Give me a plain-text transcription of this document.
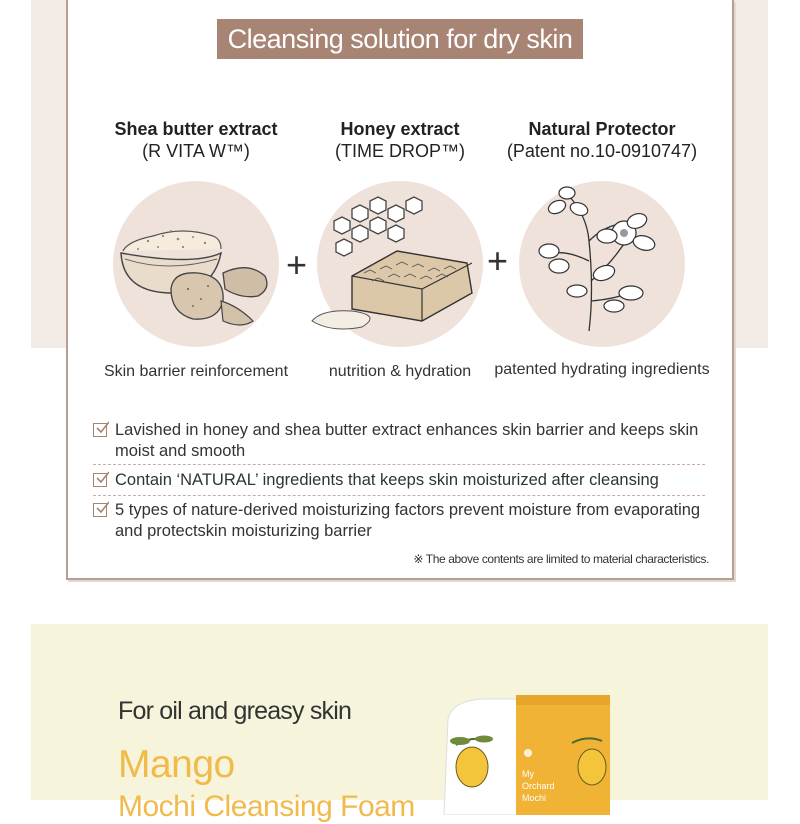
Cleansing solution for dry skin
Shea butter extract
(R VITA W™)
Honey extract
(TIME DROP™)
Natural Protector
(Patent no.10-0910747)
+	+
Skin barrier reinforcement	nutrition & hydration	patented hydrating ingredients
Lavished in honey and shea butter extract enhances skin barrier and keeps skin moist and smooth
Contain ‘NATURAL’ ingredients that keeps skin moisturized after cleansing
5 types of nature-derived moisturizing factors prevent moisture from evaporating and protectskin moisturizing barrier
※ The above contents are limited to material characteristics.
For oil and greasy skin
Mango
Mochi Cleansing Foam
My
Orchard
Mochi
